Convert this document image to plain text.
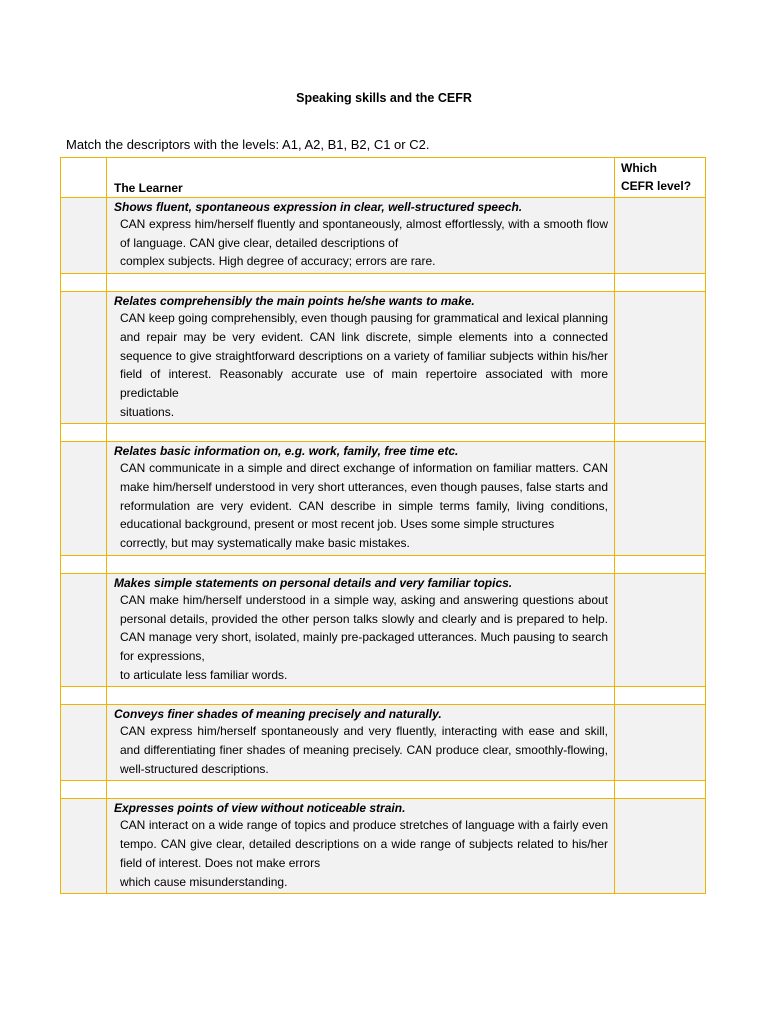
Speaking skills and the CEFR
Match the descriptors with the levels: A1, A2, B1, B2, C1 or C2.
	The Learner	Which
CEFR level?

	Shows fluent, spontaneous expression in clear, well-structured speech.
CAN express him/herself fluently and spontaneously, almost effortlessly, with a smooth flow of language. CAN give clear, detailed descriptions of
complex subjects. High degree of accuracy; errors are rare.	

	Relates comprehensibly the main points he/she wants to make.
CAN keep going comprehensibly, even though pausing for grammatical and lexical planning and repair may be very evident. CAN link discrete, simple elements into a connected sequence to give straightforward descriptions on a variety of familiar subjects within his/her field of interest. Reasonably accurate use of main repertoire associated with more predictable
situations.	

	Relates basic information on, e.g. work, family, free time etc.
CAN communicate in a simple and direct exchange of information on familiar matters. CAN make him/herself understood in very short utterances, even though pauses, false starts and reformulation are very evident. CAN describe in simple terms family, living conditions, educational background, present or most recent job. Uses some simple structures
correctly, but may systematically make basic mistakes.	

	Makes simple statements on personal details and very familiar topics.
CAN make him/herself understood in a simple way, asking and answering questions about personal details, provided the other person talks slowly and clearly and is prepared to help. CAN manage very short, isolated, mainly pre-packaged utterances. Much pausing to search for expressions,
to articulate less familiar words.	

	Conveys finer shades of meaning precisely and naturally.
CAN express him/herself spontaneously and very fluently, interacting with ease and skill, and differentiating finer shades of meaning precisely. CAN produce clear, smoothly-flowing, well-structured descriptions.	

	Expresses points of view without noticeable strain.
CAN interact on a wide range of topics and produce stretches of language with a fairly even tempo. CAN give clear, detailed descriptions on a wide range of subjects related to his/her field of interest. Does not make errors
which cause misunderstanding.	
